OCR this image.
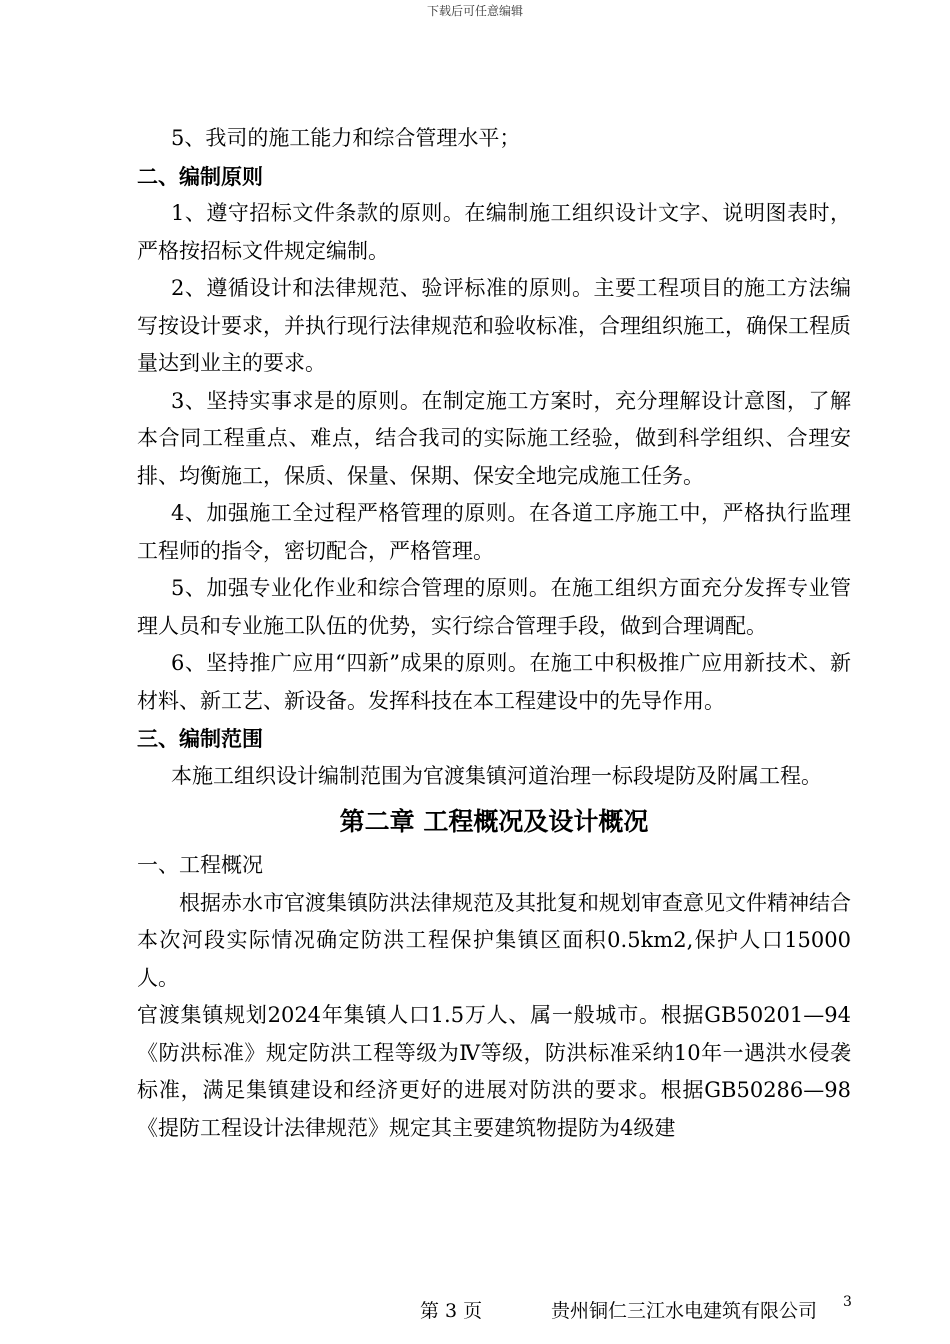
下载后可任意编辑

5、我司的施工能力和综合管理水平；

二、编制原则

1、遵守招标文件条款的原则。在编制施工组织设计文字、说明图表时，严格按招标文件规定编制。

2、遵循设计和法律规范、验评标准的原则。主要工程项目的施工方法编写按设计要求，并执行现行法律规范和验收标准，合理组织施工，确保工程质量达到业主的要求。

3、坚持实事求是的原则。在制定施工方案时，充分理解设计意图，了解本合同工程重点、难点，结合我司的实际施工经验，做到科学组织、合理安排、均衡施工，保质、保量、保期、保安全地完成施工任务。

4、加强施工全过程严格管理的原则。在各道工序施工中，严格执行监理工程师的指令，密切配合，严格管理。

5、加强专业化作业和综合管理的原则。在施工组织方面充分发挥专业管理人员和专业施工队伍的优势，实行综合管理手段，做到合理调配。

6、坚持推广应用“四新”成果的原则。在施工中积极推广应用新技术、新材料、新工艺、新设备。发挥科技在本工程建设中的先导作用。

三、编制范围

本施工组织设计编制范围为官渡集镇河道治理一标段堤防及附属工程。

第二章 工程概况及设计概况

一、工程概况

根据赤水市官渡集镇防洪法律规范及其批复和规划审查意见文件精神结合本次河段实际情况确定防洪工程保护集镇区面积0.5km2,保护人口15000人。

官渡集镇规划2024年集镇人口1.5万人、属一般城市。根据GB50201—94《防洪标准》规定防洪工程等级为Ⅳ等级，防洪标准采纳10年一遇洪水侵袭标准，满足集镇建设和经济更好的进展对防洪的要求。根据GB50286—98《提防工程设计法律规范》规定其主要建筑物提防为4级建

第 3 页	贵州铜仁三江水电建筑有限公司 3
